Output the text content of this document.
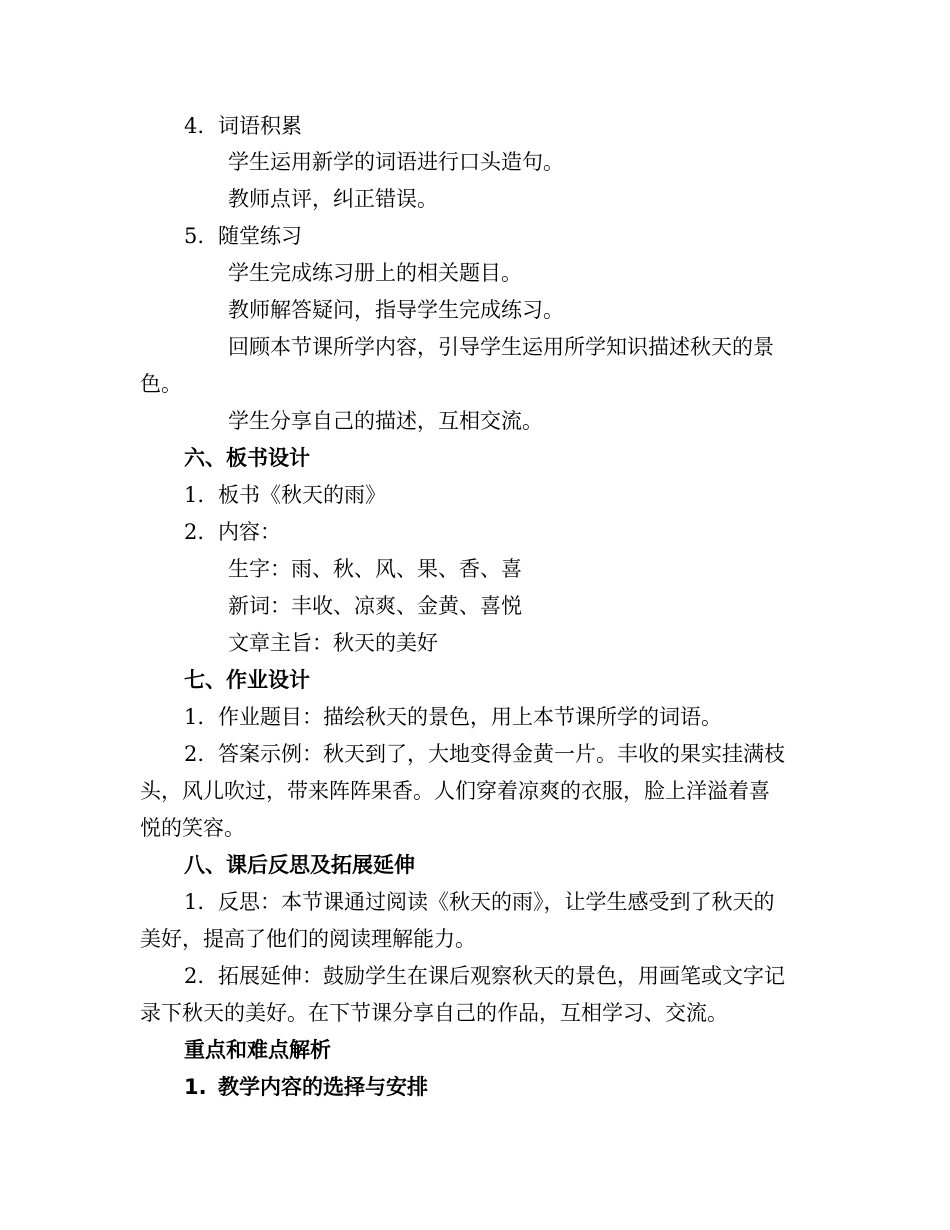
4. 词语积累

学生运用新学的词语进行口头造句。

教师点评，纠正错误。

5. 随堂练习

学生完成练习册上的相关题目。

教师解答疑问，指导学生完成练习。

回顾本节课所学内容，引导学生运用所学知识描述秋天的景

色。

学生分享自己的描述，互相交流。

六、板书设计

1. 板书《秋天的雨》

2. 内容：

生字：雨、秋、风、果、香、喜

新词：丰收、凉爽、金黄、喜悦

文章主旨：秋天的美好

七、作业设计

1. 作业题目：描绘秋天的景色，用上本节课所学的词语。

2. 答案示例：秋天到了，大地变得金黄一片。丰收的果实挂满枝

头，风儿吹过，带来阵阵果香。人们穿着凉爽的衣服，脸上洋溢着喜

悦的笑容。

八、课后反思及拓展延伸

1. 反思：本节课通过阅读《秋天的雨》，让学生感受到了秋天的

美好，提高了他们的阅读理解能力。

2. 拓展延伸：鼓励学生在课后观察秋天的景色，用画笔或文字记

录下秋天的美好。在下节课分享自己的作品，互相学习、交流。

重点和难点解析

1. 教学内容的选择与安排
